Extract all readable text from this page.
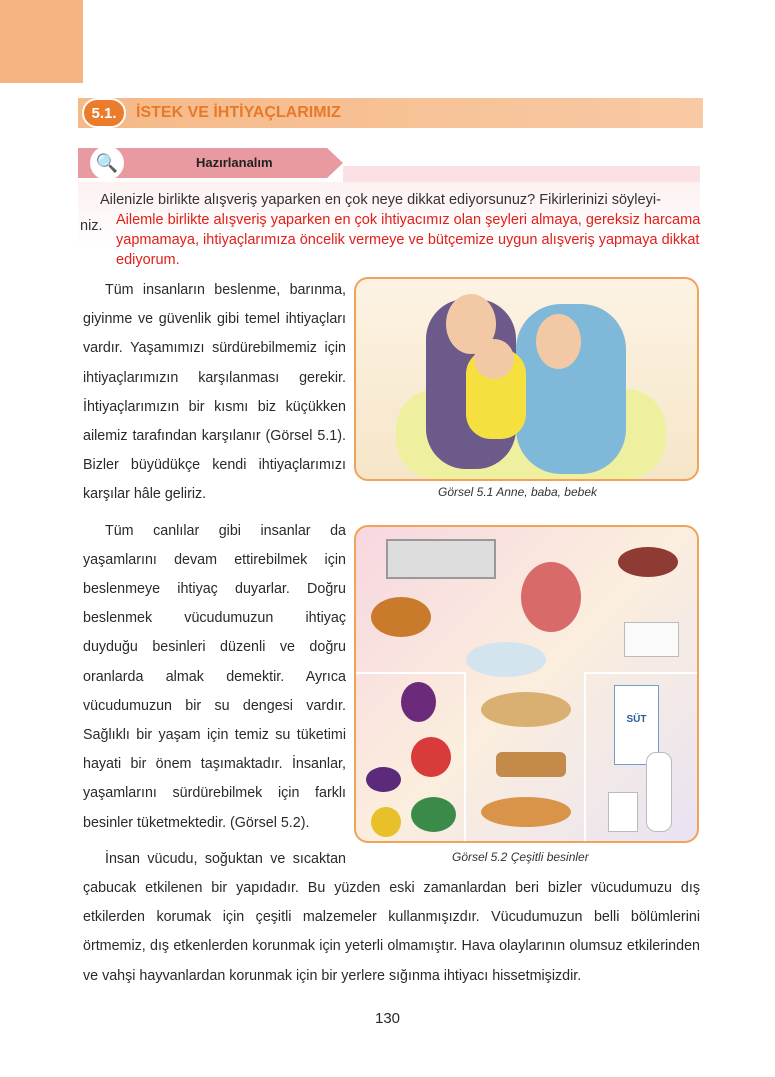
5.1.	İSTEK VE İHTİYAÇLARIMIZ
🔍	Hazırlanalım
Ailenizle birlikte alışveriş yaparken en çok neye dikkat ediyorsunuz? Fikirlerinizi söyleyi-
niz. Ailemle birlikte alışveriş yaparken en çok ihtiyacımız olan şeyleri almaya, gereksiz harcama yapmamaya, ihtiyaçlarımıza öncelik vermeye ve bütçemize uygun alışveriş yapmaya dikkat ediyorum.

Tüm insanların beslenme, barınma, giyinme ve güvenlik gibi temel ihtiyaçları vardır. Yaşamımızı sürdürebilmemiz için ihtiyaçlarımızın karşılanması gerekir. İhtiyaçlarımızın bir kısmı biz küçükken ailemiz tarafından karşılanır (Görsel 5.1). Bizler büyüdükçe kendi ihtiyaçlarımızı karşılar hâle geliriz.

Tüm canlılar gibi insanlar da yaşamlarını devam ettirebilmek için beslenmeye ihtiyaç duyarlar. Doğru beslenmek vücudumuzun ihtiyaç duyduğu besinleri düzenli ve doğru oranlarda almak demektir. Ayrıca vücudumuzun bir su dengesi vardır. Sağlıklı bir yaşam için temiz su tüketimi hayati bir önem taşımaktadır. İnsanlar, yaşamlarını sürdürebilmek için farklı besinler tüketmektedir. (Görsel 5.2).

İnsan vücudu, soğuktan ve sıcaktan çabucak etkilenen bir yapıdadır. Bu yüzden eski zamanlardan beri bizler vücudumuzu dış etkilerden korumak için çeşitli malzemeler kullanmışızdır. Vücudumuzun belli bölümlerini örtmemiz, dış etkenlerden korunmak için yeterli olmamıştır. Hava olaylarının olumsuz etkilerinden ve vahşi hayvanlardan korunmak için bir yerlere sığınma ihtiyacı hissetmişizdir.

Görsel 5.1 Anne, baba, bebek
SÜT
Görsel 5.2 Çeşitli besinler
130
